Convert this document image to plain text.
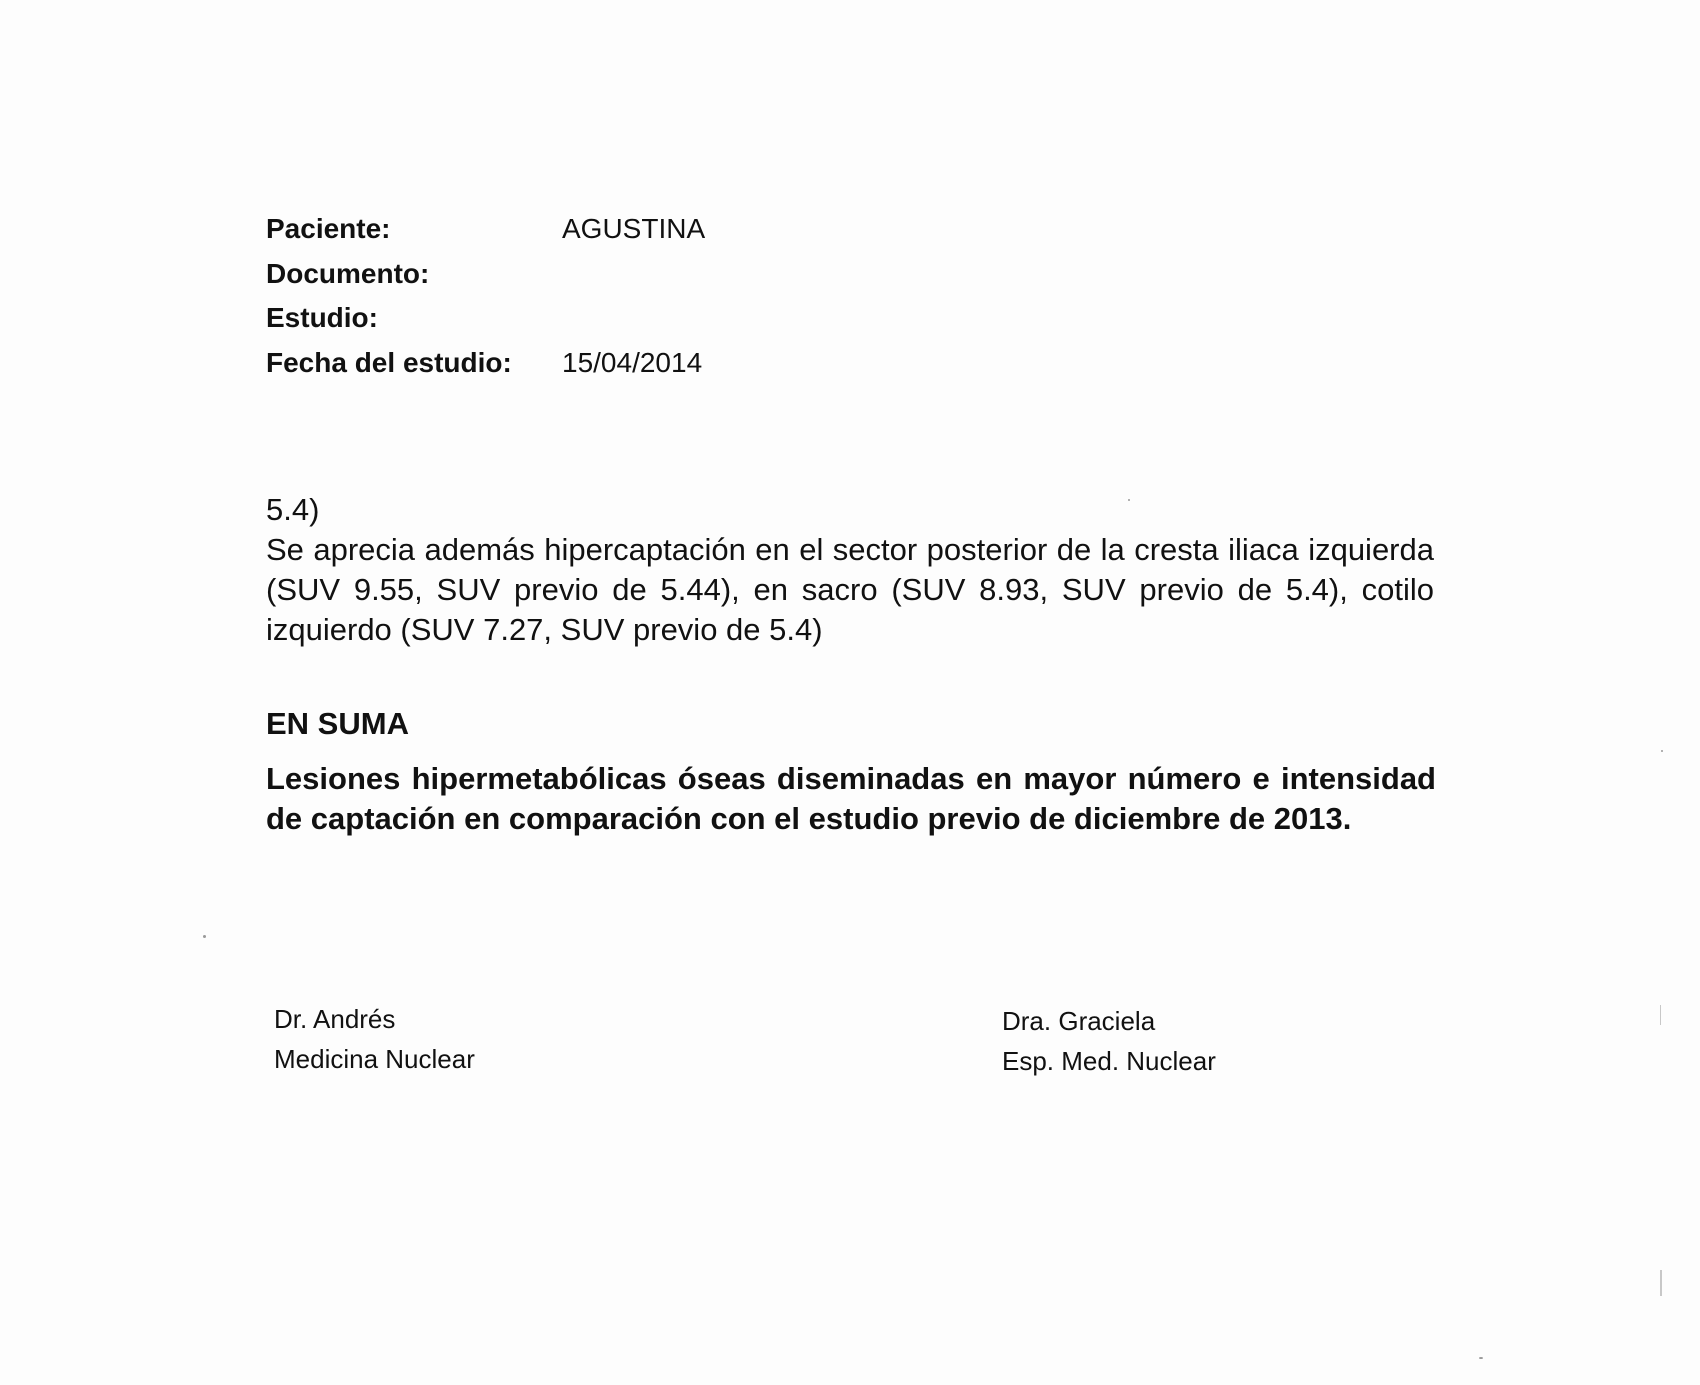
Paciente:	AGUSTINA
Documento:
Estudio:
Fecha del estudio:	15/04/2014

5.4)

Se aprecia además hipercaptación en el sector posterior de la cresta iliaca izquierda (SUV 9.55, SUV previo de 5.44), en sacro (SUV 8.93, SUV previo de 5.4), cotilo izquierdo (SUV 7.27, SUV previo de 5.4)

EN SUMA

Lesiones hipermetabólicas óseas diseminadas en mayor número e intensidad de captación en comparación con el estudio previo de diciembre de 2013.

Dr. Andrés
Medicina Nuclear
Dra. Graciela
Esp. Med. Nuclear
